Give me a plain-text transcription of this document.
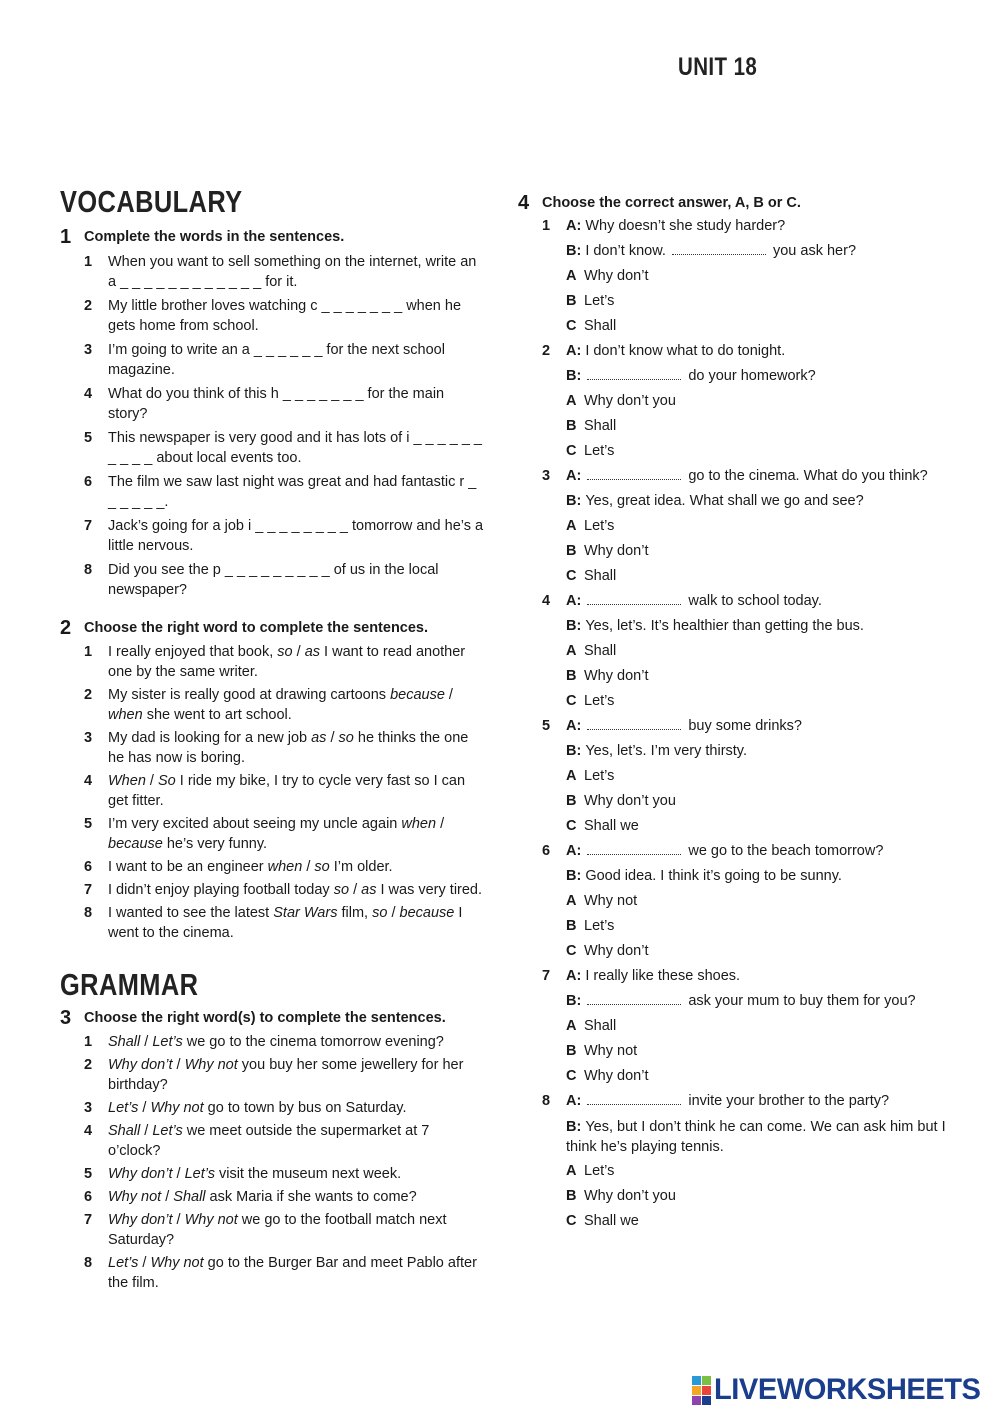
UNIT 18
VOCABULARY
1 Complete the words in the sentences.
1 When you want to sell something on the internet, write an a _ _ _ _ _ _ _ _ _ _ _ _ for it.
2 My little brother loves watching c _ _ _ _ _ _ _ when he gets home from school.
3 I’m going to write an a _ _ _ _ _ _ for the next school magazine.
4 What do you think of this h _ _ _ _ _ _ _ for the main story?
5 This newspaper is very good and it has lots of i _ _ _ _ _ _ _ _ _ _ about local events too.
6 The film we saw last night was great and had fantastic r _ _ _ _ _ _.
7 Jack’s going for a job i _ _ _ _ _ _ _ _ tomorrow and he’s a little nervous.
8 Did you see the p _ _ _ _ _ _ _ _ _ of us in the local newspaper?
2 Choose the right word to complete the sentences.
1 I really enjoyed that book, so / as I want to read another one by the same writer.
2 My sister is really good at drawing cartoons because / when she went to art school.
3 My dad is looking for a new job as / so he thinks the one he has now is boring.
4 When / So I ride my bike, I try to cycle very fast so I can get fitter.
5 I’m very excited about seeing my uncle again when / because he’s very funny.
6 I want to be an engineer when / so I’m older.
7 I didn’t enjoy playing football today so / as I was very tired.
8 I wanted to see the latest Star Wars film, so / because I went to the cinema.
GRAMMAR
3 Choose the right word(s) to complete the sentences.
1 Shall / Let’s we go to the cinema tomorrow evening?
2 Why don’t / Why not you buy her some jewellery for her birthday?
3 Let’s / Why not go to town by bus on Saturday.
4 Shall / Let’s we meet outside the supermarket at 7 o’clock?
5 Why don’t / Let’s visit the museum next week.
6 Why not / Shall ask Maria if she wants to come?
7 Why don’t / Why not we go to the football match next Saturday?
8 Let’s / Why not go to the Burger Bar and meet Pablo after the film.
4 Choose the correct answer, A, B or C.
1 A: Why doesn’t she study harder?
B: I don’t know.	you ask her?
A Why don’t
B Let’s
C Shall
2 A: I don’t know what to do tonight.
B:	do your homework?
A Why don’t you
B Shall
C Let’s
3 A:	go to the cinema. What do you think?
B: Yes, great idea. What shall we go and see?
A Let’s
B Why don’t
C Shall
4 A:	walk to school today.
B: Yes, let’s. It’s healthier than getting the bus.
A Shall
B Why don’t
C Let’s
5 A:	buy some drinks?
B: Yes, let’s. I’m very thirsty.
A Let’s
B Why don’t you
C Shall we
6 A:	we go to the beach tomorrow?
B: Good idea. I think it’s going to be sunny.
A Why not
B Let’s
C Why don’t
7 A: I really like these shoes.
B:	ask your mum to buy them for you?
A Shall
B Why not
C Why don’t
8 A:	invite your brother to the party?
B: Yes, but I don’t think he can come. We can ask him but I think he’s playing tennis.
A Let’s
B Why don’t you
C Shall we
LIVEWORKSHEETS
